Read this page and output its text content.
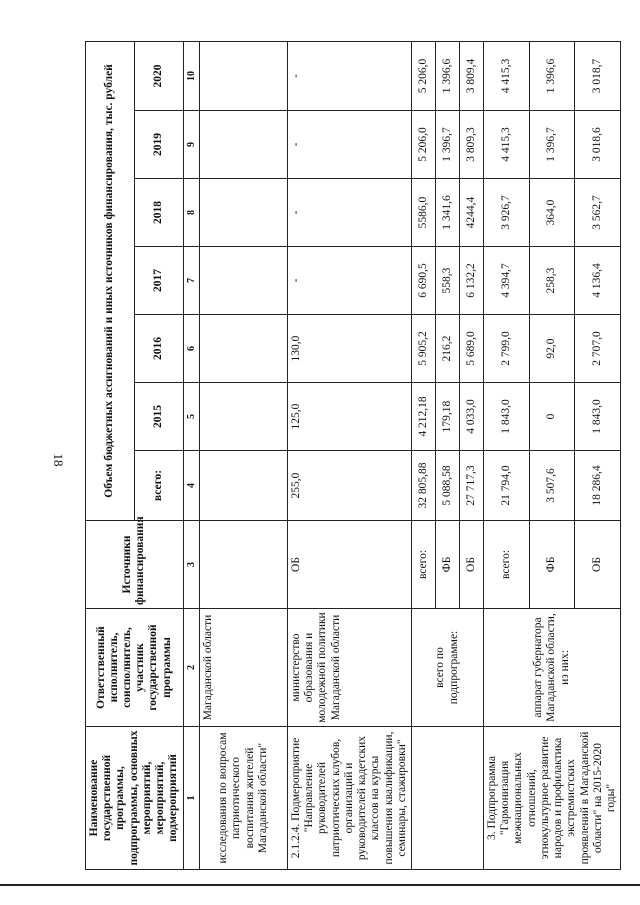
18
Наименование государственной программы, подпрограммы, основных мероприятий, мероприятий, подмероприятий	Ответственный исполнитель, соисполнитель, участник государственной программы	Источники финансирования	Объем бюджетных ассигнований и иных источников финансирования, тыс. рублей						
			всего:	2015	2016	2017	2018	2019	2020
1	2	3	4	5	6	7	8	9	10
исследования по вопросам патриотического воспитания жителей Магаданской области"	Магаданской области								
2.1.2.4. Подмероприятие "Направление руководителей патриотических клубов, организаций и руководителей кадетских классов на курсы повышения квалификации, семинары, стажировки"	министерство образования и молодежной политики Магаданской области	ОБ	255,0	125,0	130,0	-	-	-	-
	всего по подпрограмме:	всего:	32 805,88	4 212,18	5 905,2	6 690,5	5586,0	5 206,0	5 206,0
		ФБ	5 088,58	179,18	216,2	558,3	1 341,6	1 396,7	1 396,6
		ОБ	27 717,3	4 033,0	5 689,0	6 132,2	4244,4	3 809,3	3 809,4
3. Подпрограмма "Гармонизация межнациональных отношений, этнокультурное развитие народов и профилактика экстремистских проявлений в Магаданской области" на 2015-2020 годы"	аппарат губернатора Магаданской области, из них:	всего:	21 794,0	1 843,0	2 799,0	4 394,7	3 926,7	4 415,3	4 415,3
		ФБ	3 507,6	0	92,0	258,3	364,0	1 396,7	1 396,6
		ОБ	18 286,4	1 843,0	2 707,0	4 136,4	3 562,7	3 018,6	3 018,7
